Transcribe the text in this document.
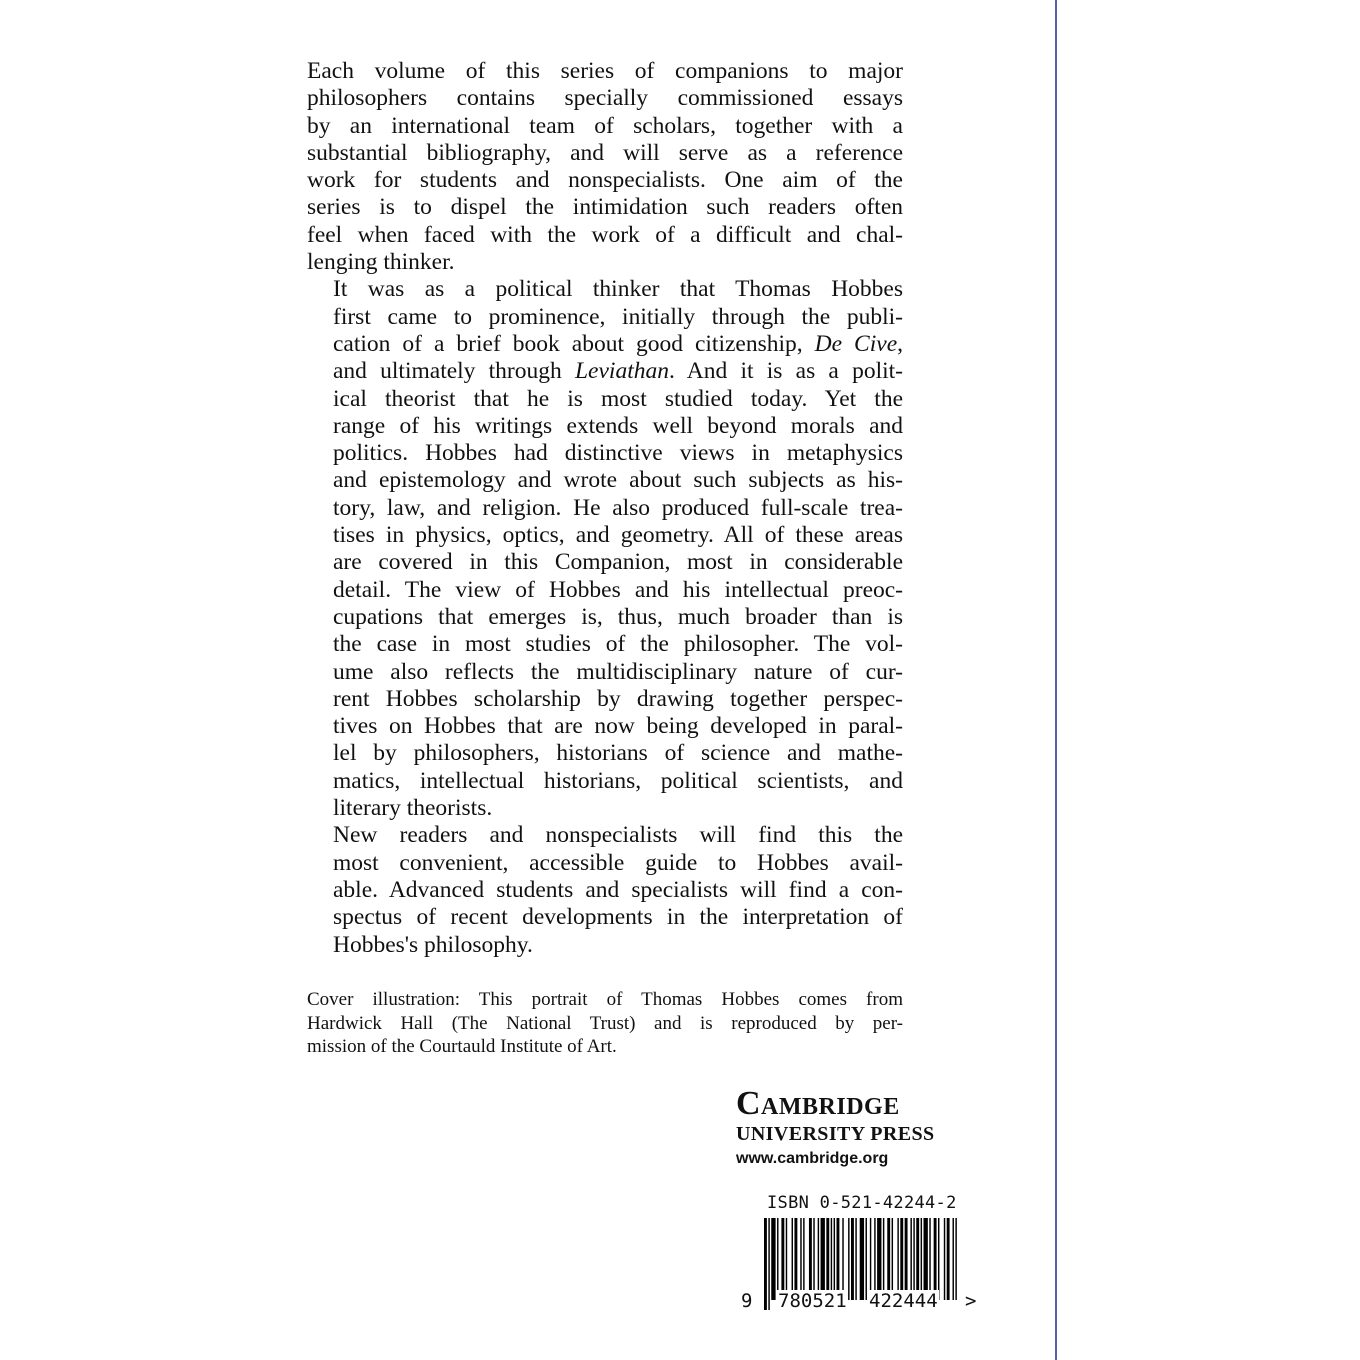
Each volume of this series of companions to major
philosophers contains specially commissioned essays
by an international team of scholars, together with a
substantial bibliography, and will serve as a reference
work for students and nonspecialists. One aim of the
series is to dispel the intimidation such readers often
feel when faced with the work of a difficult and chal-
lenging thinker.

It was as a political thinker that Thomas Hobbes
first came to prominence, initially through the publi-
cation of a brief book about good citizenship, De Cive,
and ultimately through Leviathan. And it is as a polit-
ical theorist that he is most studied today. Yet the
range of his writings extends well beyond morals and
politics. Hobbes had distinctive views in metaphysics
and epistemology and wrote about such subjects as his-
tory, law, and religion. He also produced full-scale trea-
tises in physics, optics, and geometry. All of these areas
are covered in this Companion, most in considerable
detail. The view of Hobbes and his intellectual preoc-
cupations that emerges is, thus, much broader than is
the case in most studies of the philosopher. The vol-
ume also reflects the multidisciplinary nature of cur-
rent Hobbes scholarship by drawing together perspec-
tives on Hobbes that are now being developed in paral-
lel by philosophers, historians of science and mathe-
matics, intellectual historians, political scientists, and
literary theorists.

New readers and nonspecialists will find this the
most convenient, accessible guide to Hobbes avail-
able. Advanced students and specialists will find a con-
spectus of recent developments in the interpretation of
Hobbes's philosophy.

Cover illustration: This portrait of Thomas Hobbes comes from
Hardwick Hall (The National Trust) and is reproduced by per-
mission of the Courtauld Institute of Art.
Cambridge
UNIVERSITY PRESS
www.cambridge.org
ISBN 0-521-42244-2
9 780521 422444 >
